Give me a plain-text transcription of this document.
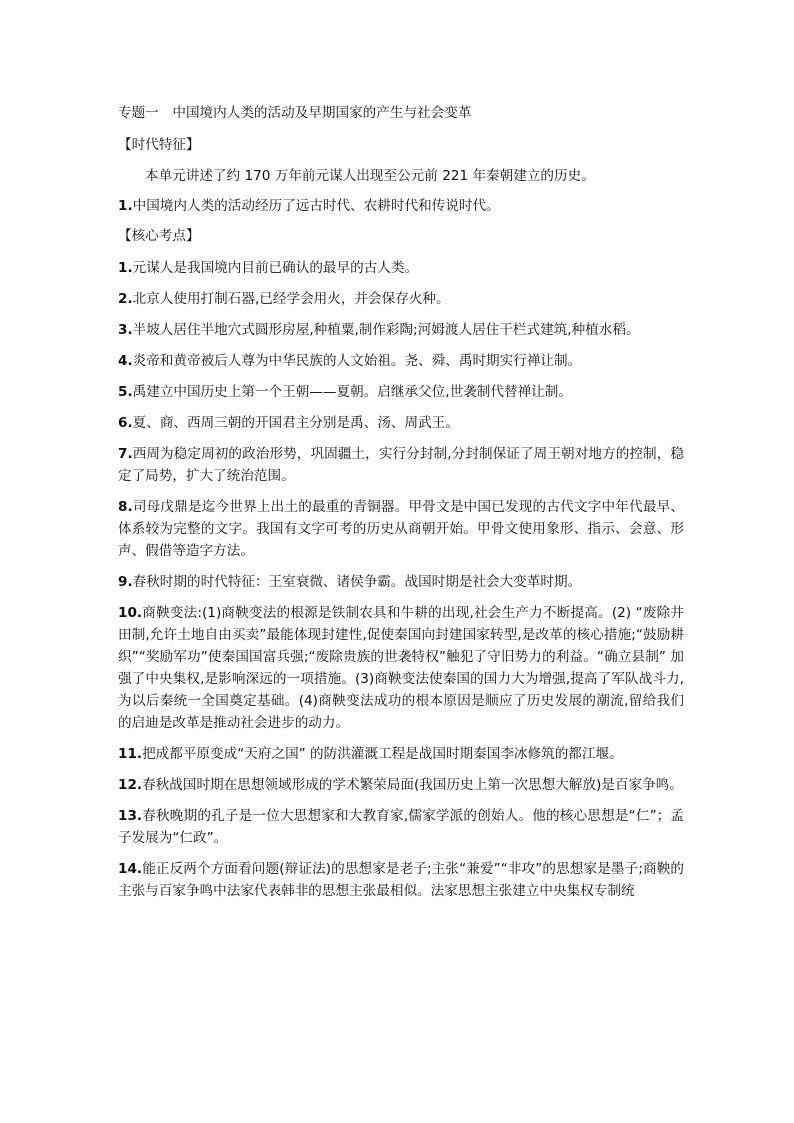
专题一　中国境内人类的活动及早期国家的产生与社会变革
【时代特征】
本单元讲述了约 170 万年前元谋人出现至公元前 221 年秦朝建立的历史。
1.中国境内人类的活动经历了远古时代、农耕时代和传说时代。
【核心考点】
1.元谋人是我国境内目前已确认的最早的古人类。
2.北京人使用打制石器,已经学会用火，并会保存火种。
3.半坡人居住半地穴式圆形房屋,种植粟,制作彩陶;河姆渡人居住干栏式建筑,种植水稻。
4.炎帝和黄帝被后人尊为中华民族的人文始祖。尧、舜、禹时期实行禅让制。
5.禹建立中国历史上第一个王朝——夏朝。启继承父位,世袭制代替禅让制。
6.夏、商、西周三朝的开国君主分别是禹、汤、周武王。
7.西周为稳定周初的政治形势，巩固疆土，实行分封制,分封制保证了周王朝对地方的控制，稳定了局势，扩大了统治范围。
8.司母戊鼎是迄今世界上出土的最重的青铜器。甲骨文是中国已发现的古代文字中年代最早、体系较为完整的文字。我国有文字可考的历史从商朝开始。甲骨文使用象形、指示、会意、形声、假借等造字方法。
9.春秋时期的时代特征：王室衰微、诸侯争霸。战国时期是社会大变革时期。
10.商鞅变法:(1)商鞅变法的根源是铁制农具和牛耕的出现,社会生产力不断提高。(2) “废除井田制,允许土地自由买卖”最能体现封建性,促使秦国向封建国家转型,是改革的核心措施;“鼓励耕织”“奖励军功”使秦国国富兵强;“废除贵族的世袭特权”触犯了守旧势力的利益。“确立县制” 加强了中央集权,是影响深远的一项措施。(3)商鞅变法使秦国的国力大为增强,提高了军队战斗力,为以后秦统一全国奠定基础。(4)商鞅变法成功的根本原因是顺应了历史发展的潮流,留给我们的启迪是改革是推动社会进步的动力。
11.把成都平原变成“天府之国” 的防洪灌溉工程是战国时期秦国李冰修筑的都江堰。
12.春秋战国时期在思想领域形成的学术繁荣局面(我国历史上第一次思想大解放)是百家争鸣。
13.春秋晚期的孔子是一位大思想家和大教育家,儒家学派的创始人。他的核心思想是“仁”；孟子发展为“仁政”。
14.能正反两个方面看问题(辩证法)的思想家是老子;主张“兼爱”“非攻”的思想家是墨子;商鞅的主张与百家争鸣中法家代表韩非的思想主张最相似。法家思想主张建立中央集权专制统
